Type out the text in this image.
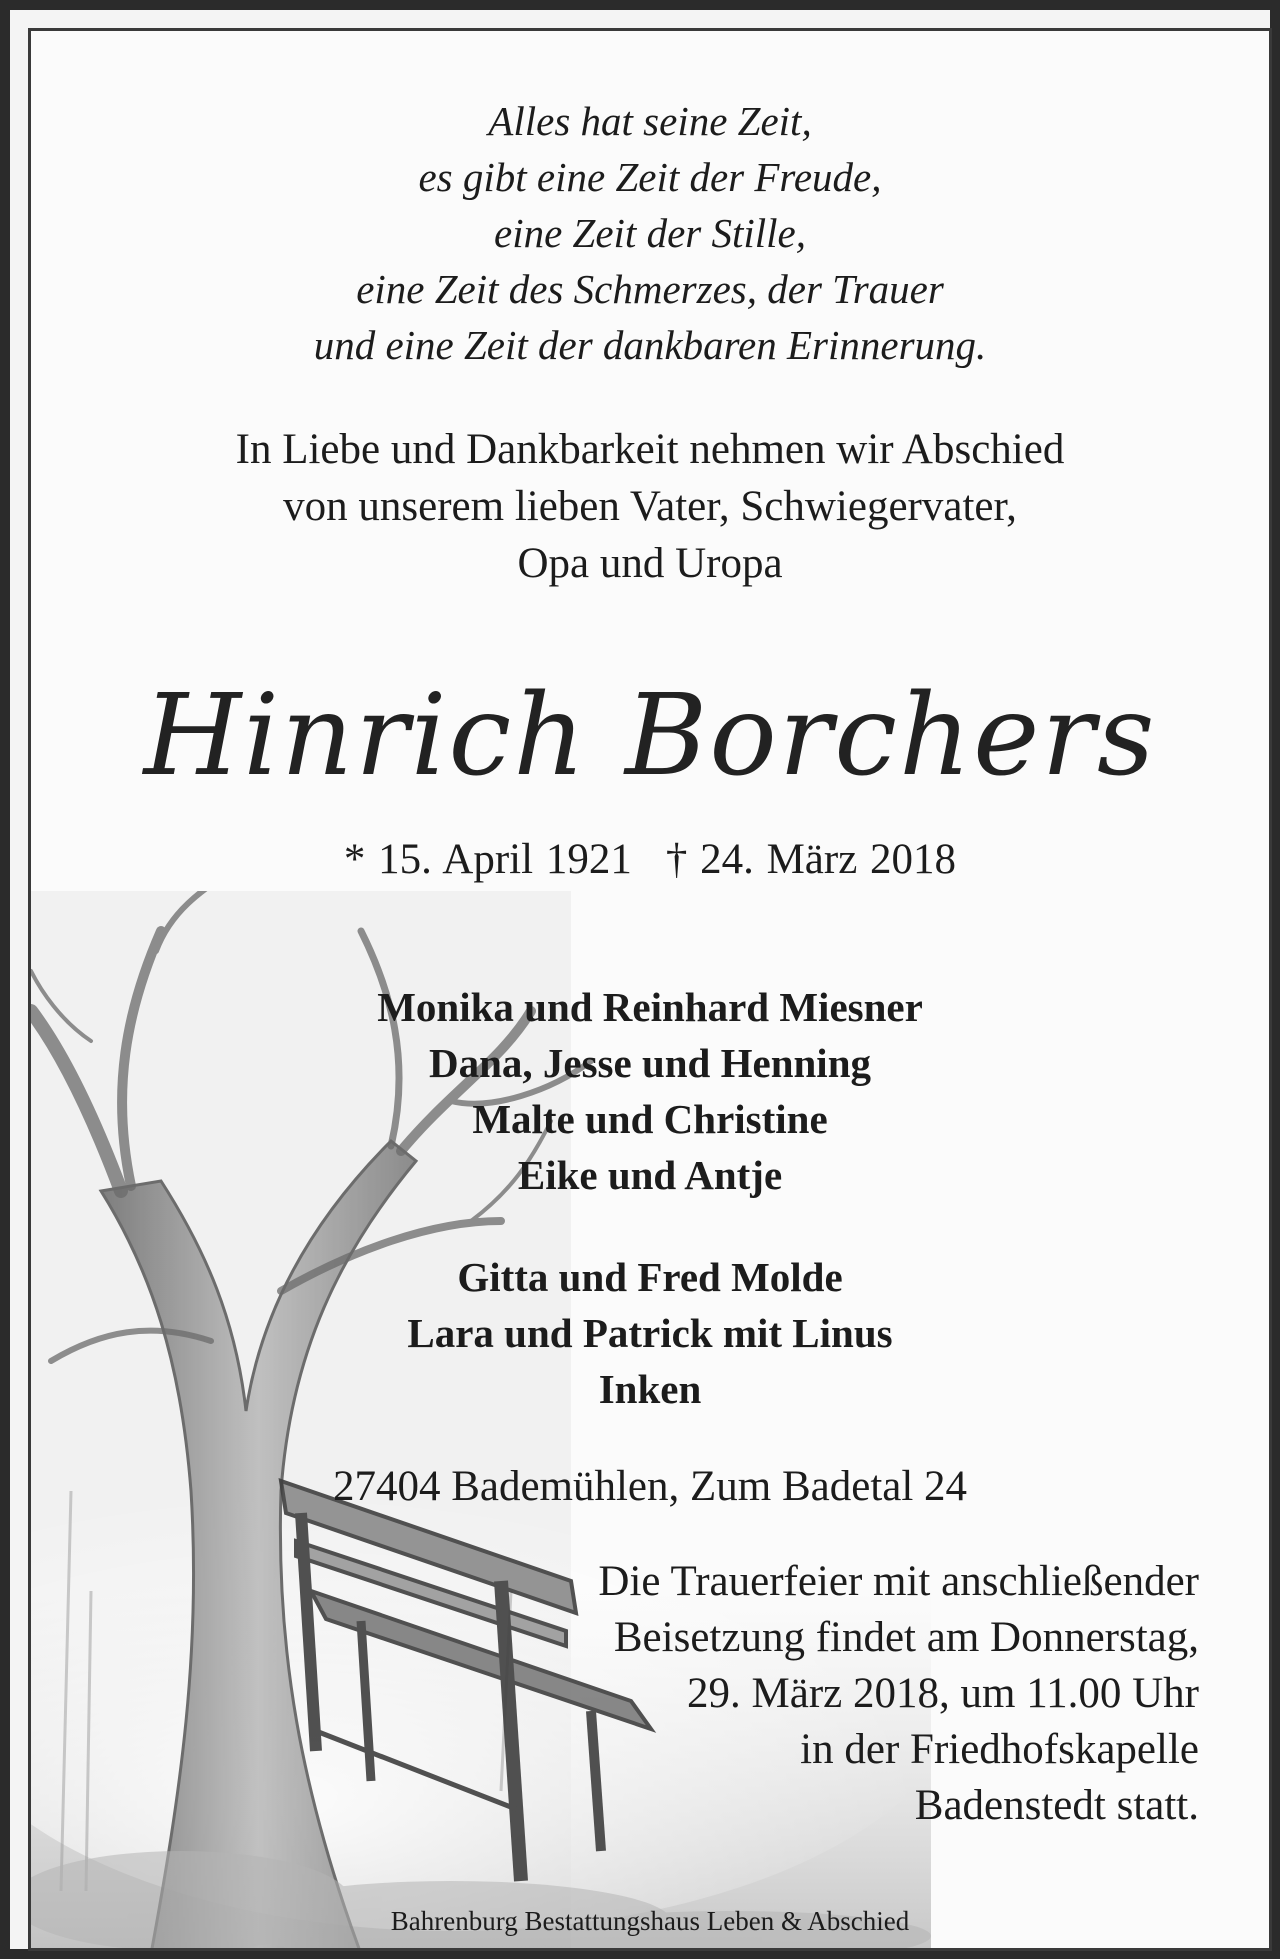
Alles hat seine Zeit,

es gibt eine Zeit der Freude,

eine Zeit der Stille,

eine Zeit des Schmerzes, der Trauer

und eine Zeit der dankbaren Erinnerung.

In Liebe und Dankbarkeit nehmen wir Abschied

von unserem lieben Vater, Schwiegervater,

Opa und Uropa

Hinrich Borchers

* 15. April 1921 † 24. März 2018

Monika und Reinhard Miesner

Dana, Jesse und Henning

Malte und Christine

Eike und Antje

Gitta und Fred Molde

Lara und Patrick mit Linus

Inken

27404 Bademühlen, Zum Badetal 24

Die Trauerfeier mit anschließender

Beisetzung findet am Donnerstag,

29. März 2018, um 11.00 Uhr

in der Friedhofskapelle

Badenstedt statt.

Bahrenburg Bestattungshaus Leben & Abschied
